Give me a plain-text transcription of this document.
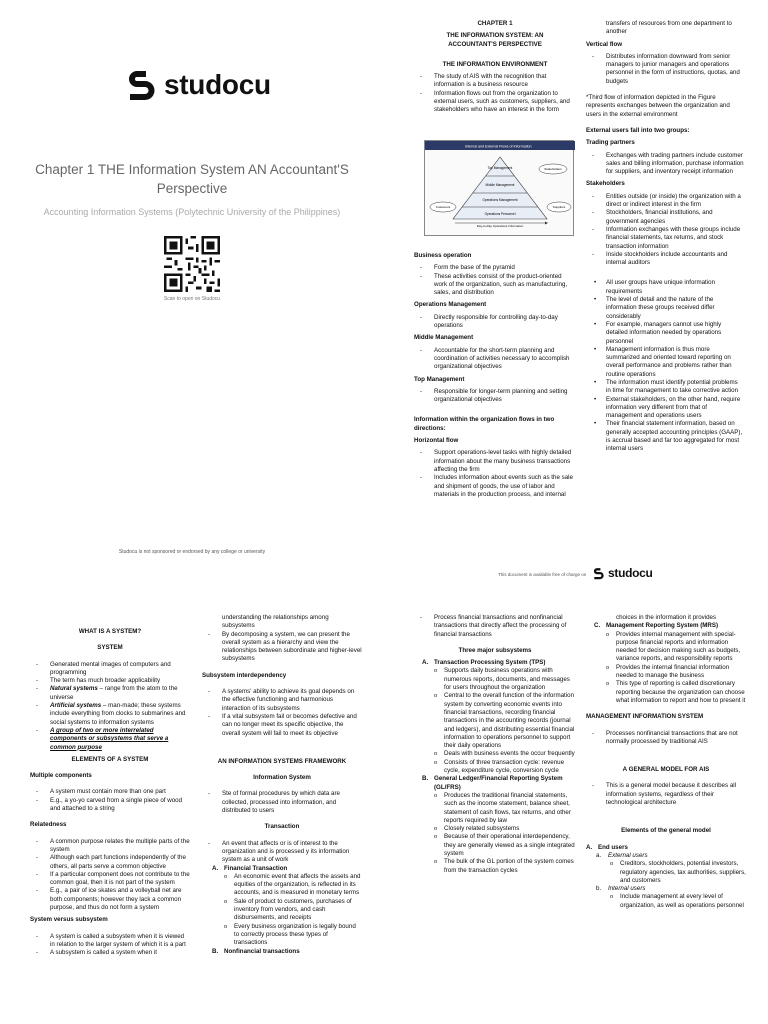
studocu
Chapter 1 THE Information System AN Accountant'S Perspective
Accounting Information Systems (Polytechnic University of the Philippines)
Scan to open on Studocu
Studocu is not sponsored or endorsed by any college or university
CHAPTER 1
THE INFORMATION SYSTEM: AN
ACCOUNTANT'S PERSPECTIVE
THE INFORMATION ENVIRONMENT
- The study of AIS with the recognition that information is a business resource
- Information flows out from the organization to external users, such as customers, suppliers, and stakeholders who have an interest in the form
Internal and External Flows of Information
Top Management
Middle Management
Operations Management
Operations Personnel
Day-to-Day Operations Information
Stakeholders
Customers	Suppliers
Business operation
- Form the base of the pyramid
- These activities consist of the product-oriented work of the organization, such as manufacturing, sales, and distribution
Operations Management
- Directly responsible for controlling day-to-day operations
Middle Management
- Accountable for the short-term planning and coordination of activities necessary to accomplish organizational objectives
Top Management
- Responsible for longer-term planning and setting organizational objectives
Information within the organization flows in two directions:
Horizontal flow
- Support operations-level tasks with highly detailed information about the many business transactions affecting the firm
- Includes information about events such as the sale and shipment of goods, the use of labor and materials in the production process, and internal
transfers of resources from one department to another
Vertical flow
- Distributes information downward from senior managers to junior managers and operations personnel in the form of instructions, quotas, and budgets
*Third flow of information depicted in the Figure represents exchanges between the organization and users in the external environment
External users fall into two groups:
Trading partners
- Exchanges with trading partners include customer sales and billing information, purchase information for suppliers, and inventory receipt information
Stakeholders
- Entities outside (or inside) the organization with a direct or indirect interest in the firm
- Stockholders, financial institutions, and government agencies
- Information exchanges with these groups include financial statements, tax returns, and stock transaction information
- Inside stockholders include accountants and internal auditors
• All user groups have unique information requirements
• The level of detail and the nature of the information these groups received differ considerably
• For example, managers cannot use highly detailed information needed by operations personnel
• Management information is thus more summarized and oriented toward reporting on overall performance and problems rather than routine operations
• The information must identify potential problems in time for management to take corrective action
• External stakeholders, on the other hand, require information very different from that of management and operations users
• Their financial statement information, based on generally accepted accounting principles (GAAP), is accrual based and far too aggregated for most internal users
This document is available free of charge on studocu
WHAT IS A SYSTEM?
SYSTEM
- Generated mental images of computers and programming
- The term has much broader applicability
- Natural systems – range from the atom to the universe
- Artificial systems – man-made; these systems include everything from clocks to submarines and social systems to information systems
- A group of two or more interrelated components or subsystems that serve a common purpose
ELEMENTS OF A SYSTEM
Multiple components
- A system must contain more than one part
- E.g., a yo-yo carved from a single piece of wood and attached to a string
Relatedness
- A common purpose relates the multiple parts of the system
- Although each part functions independently of the others, all parts serve a common objective
- If a particular component does not contribute to the common goal, then it is not part of the system
- E.g., a pair of ice skates and a volleyball net are both components; however they lack a common purpose, and thus do not form a system
System versus subsystem
- A system is called a subsystem when it is viewed in relation to the larger system of which it is a part
- A subsystem is called a system when it
understanding the relationships among subsystems
- By decomposing a system, we can present the overall system as a hierarchy and view the relationships between subordinate and higher-level subsystems
Subsystem interdependency
- A systems' ability to achieve its goal depends on the effective functioning and harmonious interaction of its subsystems
- If a vital subsystem fail or becomes defective and can no longer meet its specific objective, the overall system will fail to meet its objective
AN INFORMATION SYSTEMS FRAMEWORK
Information System
- Ste of formal procedures by which data are collected, processed into information, and distributed to users
Transaction
- An event that affects or is of interest to the organization and is processed y its information system as a unit of work
A. Financial Transaction
o An economic event that affects the assets and equities of the organization, is reflected in its accounts, and is measured in monetary terms
o Sale of product to customers, purchases of inventory from vendors, and cash disbursements, and receipts
o Every business organization is legally bound to correctly process these types of transactions
B. Nonfinancial transactions
- Process financial transactions and nonfinancial transactions that directly affect the processing of financial transactions
Three major subsystems
A. Transaction Processing System (TPS)
o Supports daily business operations with numerous reports, documents, and messages for users throughout the organization
o Central to the overall function of the information system by converting economic events into financial transactions, recording financial transactions in the accounting records (journal and ledgers), and distributing essential financial information to operations personnel to support their daily operations
o Deals with business events the occur frequently
o Consists of three transaction cycle: revenue cycle, expenditure cycle, conversion cycle
B. General Ledger/Financial Reporting System (GL/FRS)
o Produces the traditional financial statements, such as the income statement, balance sheet, statement of cash flows, tax returns, and other reports required by law
o Closely related subsystems
o Because of their operational interdependency, they are generally viewed as a single integrated system
o The bulk of the GL portion of the system comes from the transaction cycles
choices in the information it provides
C. Management Reporting System (MRS)
o Provides internal management with special-purpose financial reports and information needed for decision making such as budgets, variance reports, and responsibility reports
o Provides the internal financial information needed to manage the business
o This type of reporting is called discretionary reporting because the organization can choose what information to report and how to present it
MANAGEMENT INFORMATION SYSTEM
- Processes nonfinancial transactions that are not normally processed by traditional AIS
A GENERAL MODEL FOR AIS
- This is a general model because it describes all information systems, regardless of their technological architecture
Elements of the general model
A. End users
a. External users
o Creditors, stockholders, potential investors, regulatory agencies, tax authorities, suppliers, and customers
b. Internal users
o Include management at every level of organization, as well as operations personnel
